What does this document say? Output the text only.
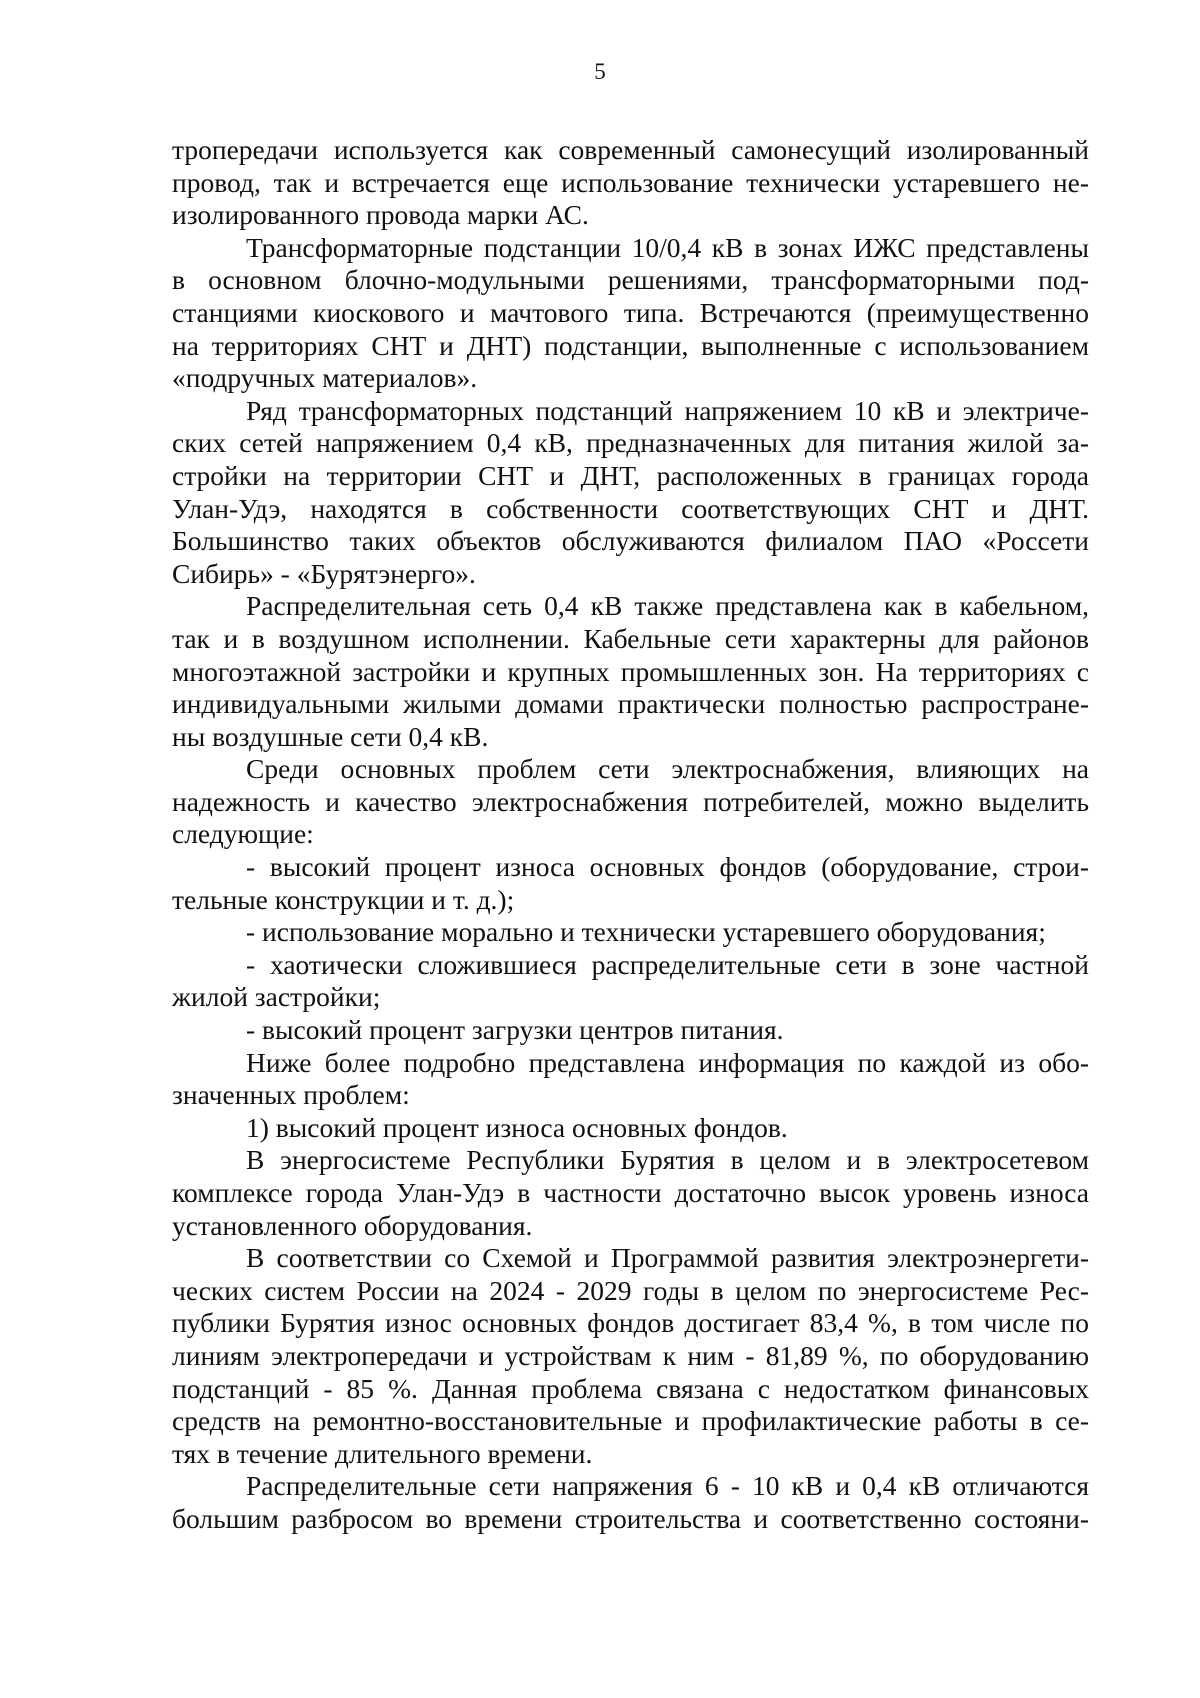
5

тропередачи используется как современный самонесущий изолированный
провод, так и встречается еще использование технически устаревшего не-
изолированного провода марки АС.

Трансформаторные подстанции 10/0,4 кВ в зонах ИЖС представлены
в основном блочно-модульными решениями, трансформаторными под-
станциями киоскового и мачтового типа. Встречаются (преимущественно
на территориях СНТ и ДНТ) подстанции, выполненные с использованием
«подручных материалов».

Ряд трансформаторных подстанций напряжением 10 кВ и электриче-
ских сетей напряжением 0,4 кВ, предназначенных для питания жилой за-
стройки на территории СНТ и ДНТ, расположенных в границах города
Улан-Удэ, находятся в собственности соответствующих СНТ и ДНТ.
Большинство таких объектов обслуживаются филиалом ПАО «Россети
Сибирь» - «Бурятэнерго».

Распределительная сеть 0,4 кВ также представлена как в кабельном,
так и в воздушном исполнении. Кабельные сети характерны для районов
многоэтажной застройки и крупных промышленных зон. На территориях с
индивидуальными жилыми домами практически полностью распростране-
ны воздушные сети 0,4 кВ.

Среди основных проблем сети электроснабжения, влияющих на
надежность и качество электроснабжения потребителей, можно выделить
следующие:

- высокий процент износа основных фондов (оборудование, строи-
тельные конструкции и т. д.);

- использование морально и технически устаревшего оборудования;

- хаотически сложившиеся распределительные сети в зоне частной
жилой застройки;

- высокий процент загрузки центров питания.

Ниже более подробно представлена информация по каждой из обо-
значенных проблем:

1) высокий процент износа основных фондов.

В энергосистеме Республики Бурятия в целом и в электросетевом
комплексе города Улан-Удэ в частности достаточно высок уровень износа
установленного оборудования.

В соответствии со Схемой и Программой развития электроэнергети-
ческих систем России на 2024 - 2029 годы в целом по энергосистеме Рес-
публики Бурятия износ основных фондов достигает 83,4 %, в том числе по
линиям электропередачи и устройствам к ним - 81,89 %, по оборудованию
подстанций - 85 %. Данная проблема связана с недостатком финансовых
средств на ремонтно-восстановительные и профилактические работы в се-
тях в течение длительного времени.

Распределительные сети напряжения 6 - 10 кВ и 0,4 кВ отличаются
большим разбросом во времени строительства и соответственно состояни-
